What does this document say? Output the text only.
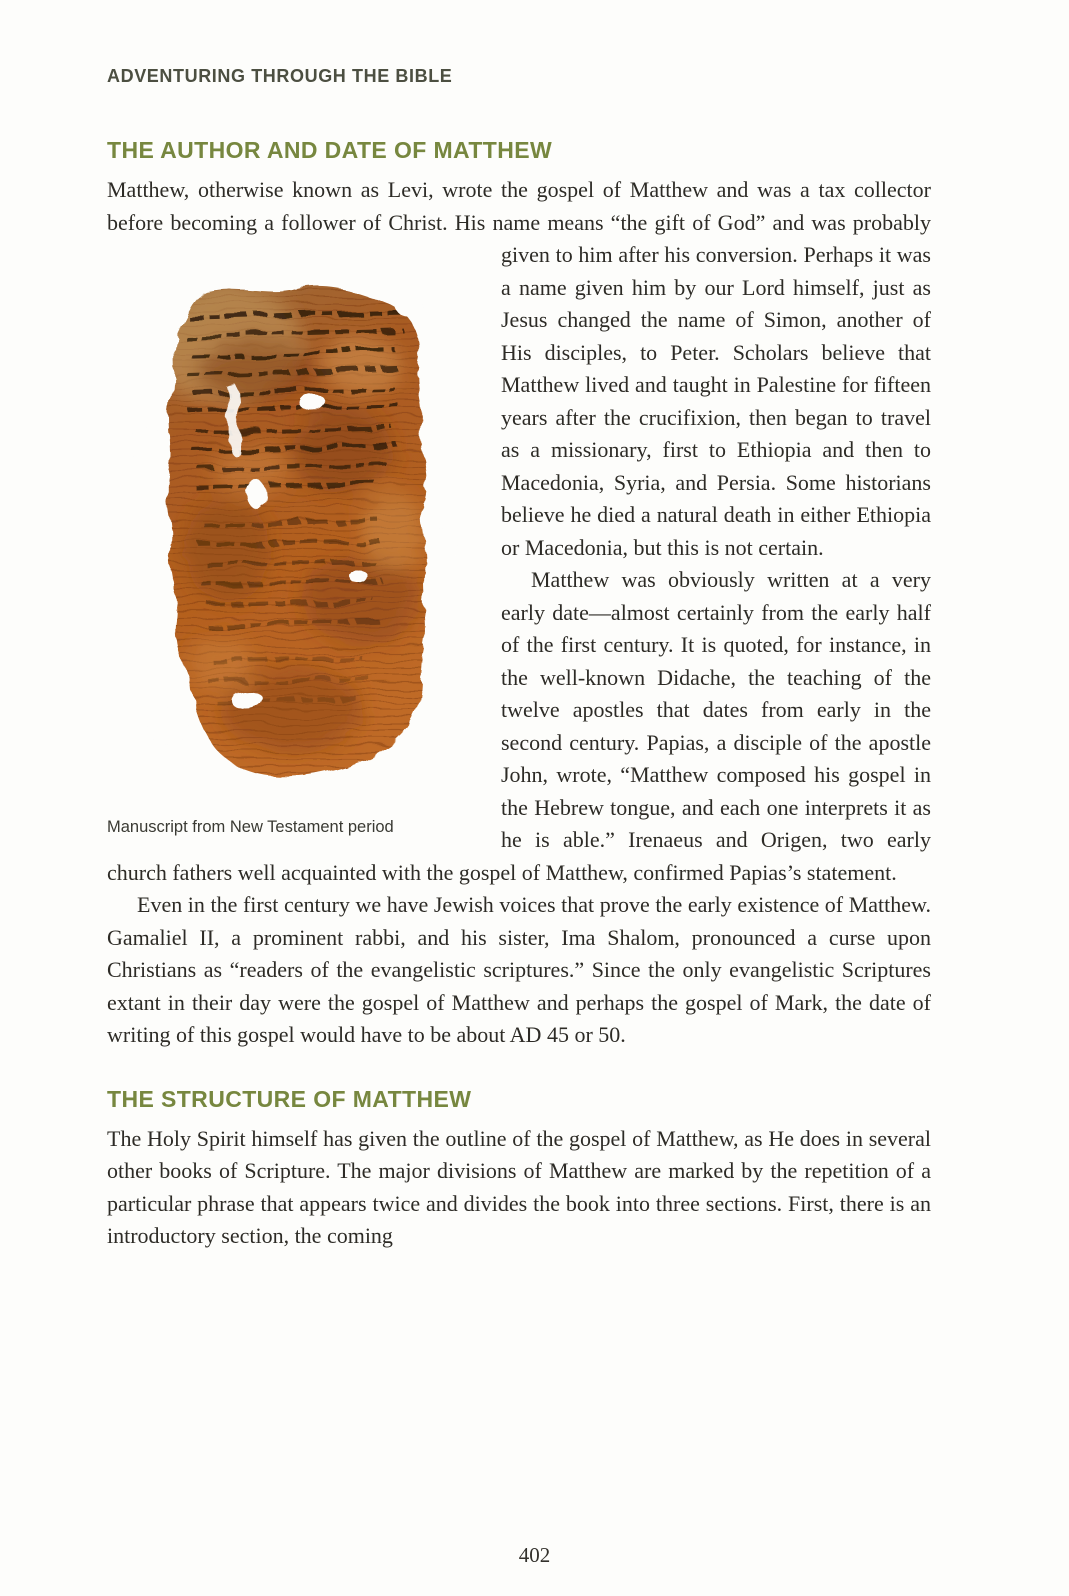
ADVENTURING THROUGH THE BIBLE
THE AUTHOR AND DATE OF MATTHEW

Matthew, otherwise known as Levi, wrote the gospel of Matthew and was a tax collector before becoming a follower of Christ. His name means “the gift of God” and was probably given to him after his conversion. Perhaps it was
Manuscript from New Testament period
a name given him by our Lord himself, just as Jesus changed the name of Simon, another of His disciples, to Peter. Scholars believe that Matthew lived and taught in Palestine for fifteen years after the crucifixion, then began to travel as a missionary, first to Ethiopia and then to Macedonia, Syria, and Persia. Some historians believe he died a natural death in either Ethiopia or Macedonia, but this is not certain.

Matthew was obviously written at a very early date—almost certainly from the early half of the first century. It is quoted, for instance, in the well-known Didache, the teaching of the twelve apostles that dates from early in the second century. Papias, a disciple of the apostle John, wrote, “Matthew composed his gospel in the Hebrew tongue, and each one interprets it as he is able.” Irenaeus and Origen, two early church fathers well acquainted with the gospel of Matthew, confirmed Papias’s statement.

Even in the first century we have Jewish voices that prove the early existence of Matthew. Gamaliel II, a prominent rabbi, and his sister, Ima Shalom, pronounced a curse upon Christians as “readers of the evangelistic scriptures.” Since the only evangelistic Scriptures extant in their day were the gospel of Matthew and perhaps the gospel of Mark, the date of writing of this gospel would have to be about AD 45 or 50.

THE STRUCTURE OF MATTHEW

The Holy Spirit himself has given the outline of the gospel of Matthew, as He does in several other books of Scripture. The major divisions of Matthew are marked by the repetition of a particular phrase that appears twice and divides the book into three sections. First, there is an introductory section, the coming

402
